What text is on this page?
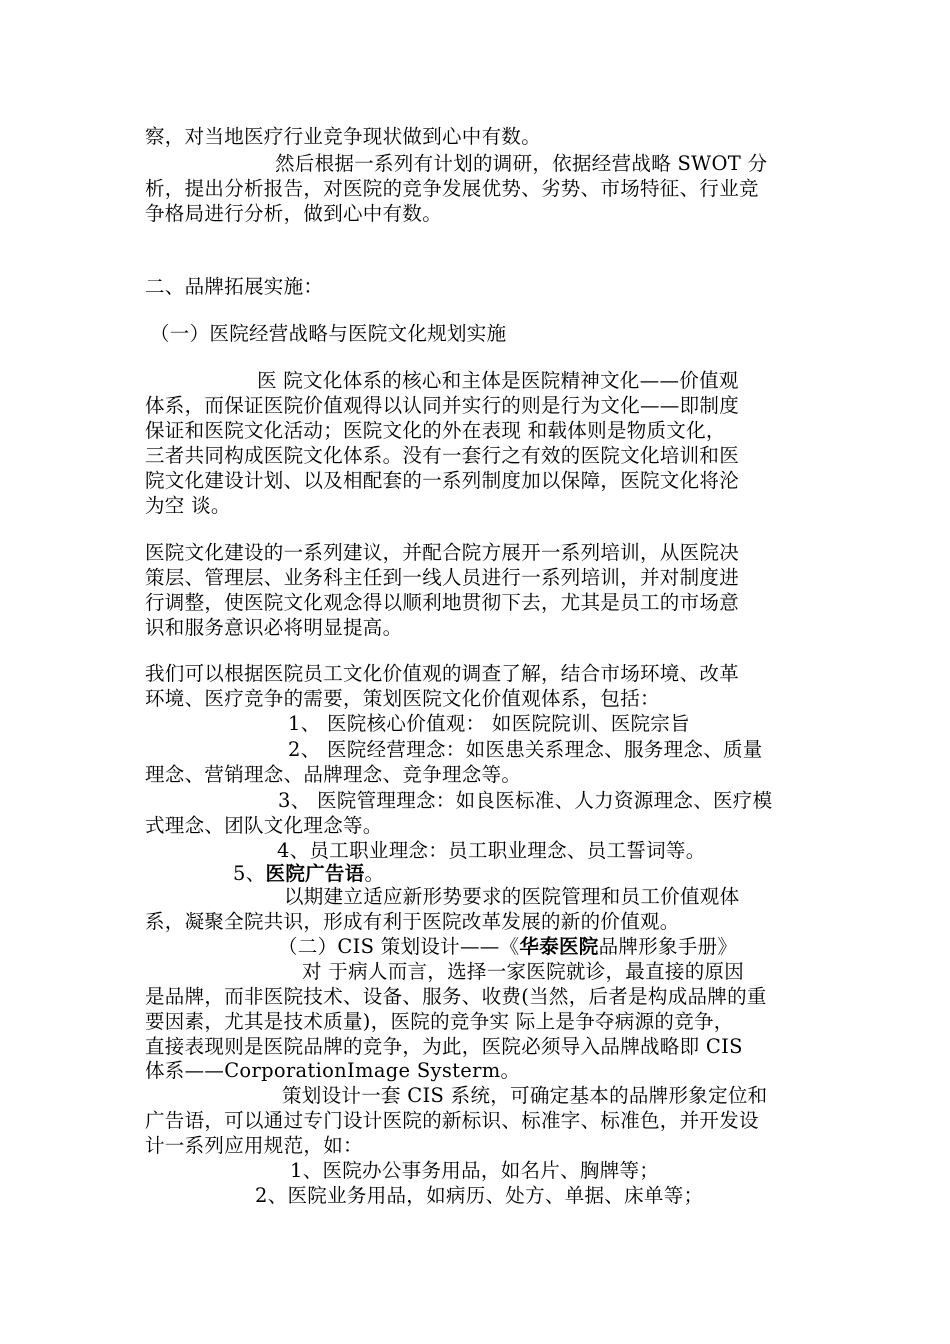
察，对当地医疗行业竞争现状做到心中有数。
然后根据一系列有计划的调研，依据经营战略 SWOT 分
析，提出分析报告，对医院的竞争发展优势、劣势、市场特征、行业竞
争格局进行分析，做到心中有数。
二、品牌拓展实施：
（一）医院经营战略与医院文化规划实施
医 院文化体系的核心和主体是医院精神文化——价值观
体系，而保证医院价值观得以认同并实行的则是行为文化——即制度
保证和医院文化活动；医院文化的外在表现 和载体则是物质文化，
三者共同构成医院文化体系。没有一套行之有效的医院文化培训和医
院文化建设计划、以及相配套的一系列制度加以保障，医院文化将沦
为空 谈。
医院文化建设的一系列建议，并配合院方展开一系列培训，从医院决
策层、管理层、业务科主任到一线人员进行一系列培训，并对制度进
行调整，使医院文化观念得以顺利地贯彻下去，尤其是员工的市场意
识和服务意识必将明显提高。
我们可以根据医院员工文化价值观的调查了解，结合市场环境、改革
环境、医疗竞争的需要，策划医院文化价值观体系，包括：
1、 医院核心价值观： 如医院院训、医院宗旨
2、 医院经营理念：如医患关系理念、服务理念、质量
理念、营销理念、品牌理念、竞争理念等。
3、 医院管理理念：如良医标准、人力资源理念、医疗模
式理念、团队文化理念等。
4、员工职业理念：员工职业理念、员工誓词等。
5、医院广告语。
以期建立适应新形势要求的医院管理和员工价值观体
系，凝聚全院共识，形成有利于医院改革发展的新的价值观。
（二）CIS 策划设计——《华泰医院品牌形象手册》
对 于病人而言，选择一家医院就诊，最直接的原因
是品牌，而非医院技术、设备、服务、收费(当然，后者是构成品牌的重
要因素，尤其是技术质量)，医院的竞争实 际上是争夺病源的竞争，
直接表现则是医院品牌的竞争，为此，医院必须导入品牌战略即 CIS
体系——CorporationImage Systerm。
策划设计一套 CIS 系统，可确定基本的品牌形象定位和
广告语，可以通过专门设计医院的新标识、标准字、标准色，并开发设
计一系列应用规范，如：
1、医院办公事务用品，如名片、胸牌等；
2、医院业务用品，如病历、处方、单据、床单等；
